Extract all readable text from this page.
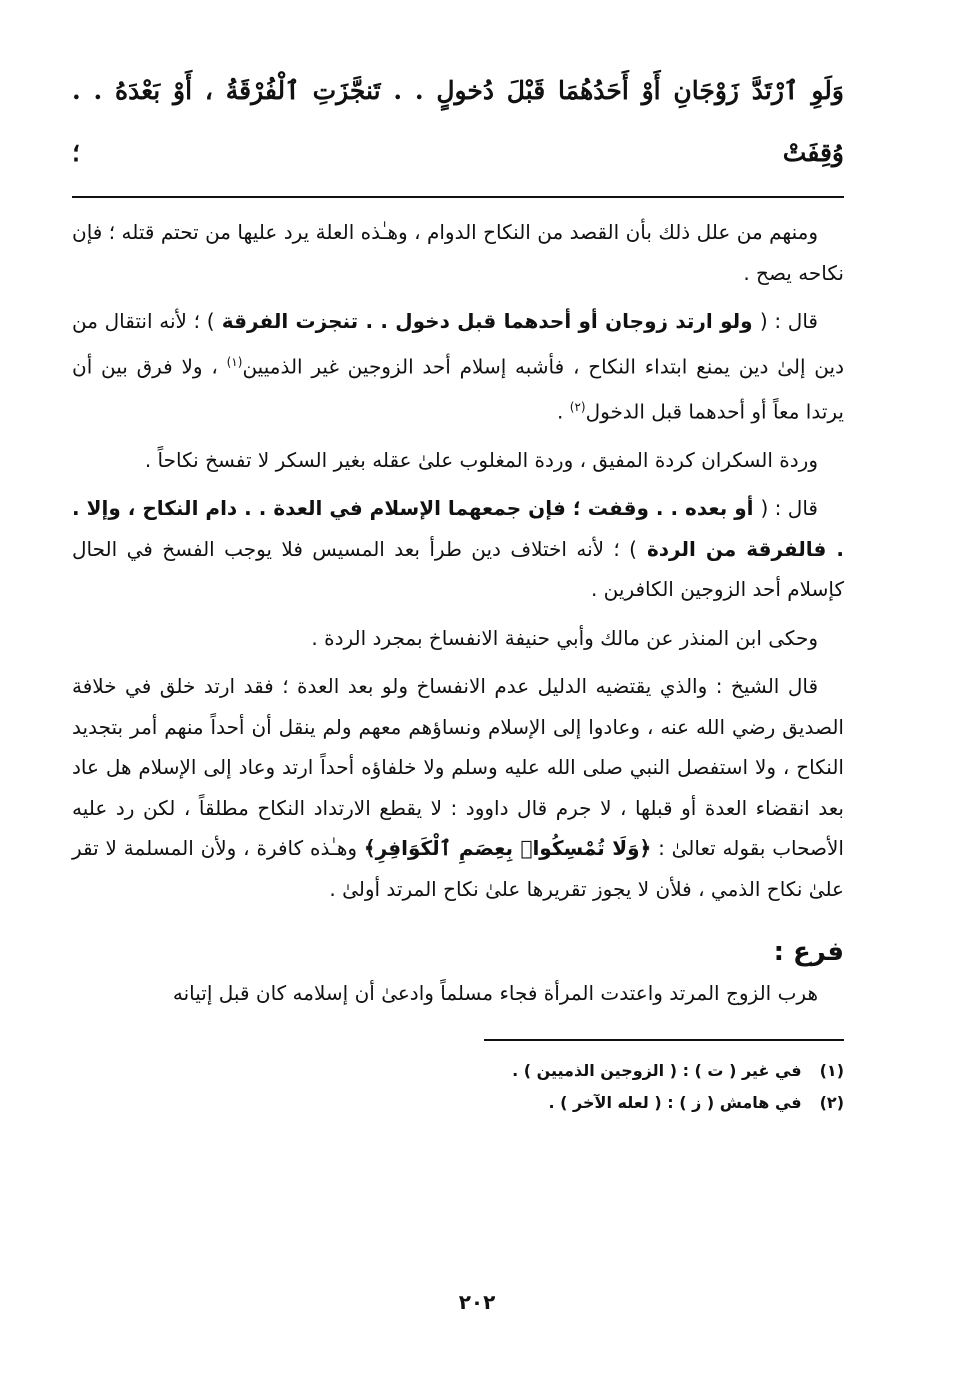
وَلَوِ ٱرْتَدَّ زَوْجَانِ أَوْ أَحَدُهُمَا قَبْلَ دُخولٍ . . تَنجَّزَتِ ٱلْفُرْقَةُ ، أَوْ بَعْدَهُ . . وُقِفَتْ ؛

ومنهم من علل ذلك بأن القصد من النكاح الدوام ، وهـٰذه العلة يرد عليها من تحتم قتله ؛ فإن نكاحه يصح .

قال : ( ولو ارتد زوجان أو أحدهما قبل دخول . . تنجزت الفرقة ) ؛ لأنه انتقال من دين إلىٰ دين يمنع ابتداء النكاح ، فأشبه إسلام أحد الزوجين غير الذميين$^{(١)}$ ، ولا فرق بين أن يرتدا معاً أو أحدهما قبل الدخول$^{(٢)}$ .

وردة السكران كردة المفيق ، وردة المغلوب علىٰ عقله بغير السكر لا تفسخ نكاحاً .

قال : ( أو بعده . . وقفت ؛ فإن جمعهما الإسلام في العدة . . دام النكاح ، وإلا . . فالفرقة من الردة ) ؛ لأنه اختلاف دين طرأ بعد المسيس فلا يوجب الفسخ في الحال كإسلام أحد الزوجين الكافرين .

وحكى ابن المنذر عن مالك وأبي حنيفة الانفساخ بمجرد الردة .

قال الشيخ : والذي يقتضيه الدليل عدم الانفساخ ولو بعد العدة ؛ فقد ارتد خلق في خلافة الصديق رضي الله عنه ، وعادوا إلى الإسلام ونساؤهم معهم ولم ينقل أن أحداً منهم أمر بتجديد النكاح ، ولا استفصل النبي صلى الله عليه وسلم ولا خلفاؤه أحداً ارتد وعاد إلى الإسلام هل عاد بعد انقضاء العدة أو قبلها ، لا جرم قال داوود : لا يقطع الارتداد النكاح مطلقاً ، لكن رد عليه الأصحاب بقوله تعالىٰ : ﴿وَلَا تُمْسِكُوا۟ بِعِصَمِ ٱلْكَوَافِرِ﴾ وهـٰذه كافرة ، ولأن المسلمة لا تقر علىٰ نكاح الذمي ، فلأن لا يجوز تقريرها علىٰ نكاح المرتد أولىٰ .

فرع :

هرب الزوج المرتد واعتدت المرأة فجاء مسلماً وادعىٰ أن إسلامه كان قبل إتيانه

(١)
في غير ( ت ) : ( الزوجين الذميين ) .
(٢)
في هامش ( ز ) : ( لعله الآخر ) .
٢٠٢
